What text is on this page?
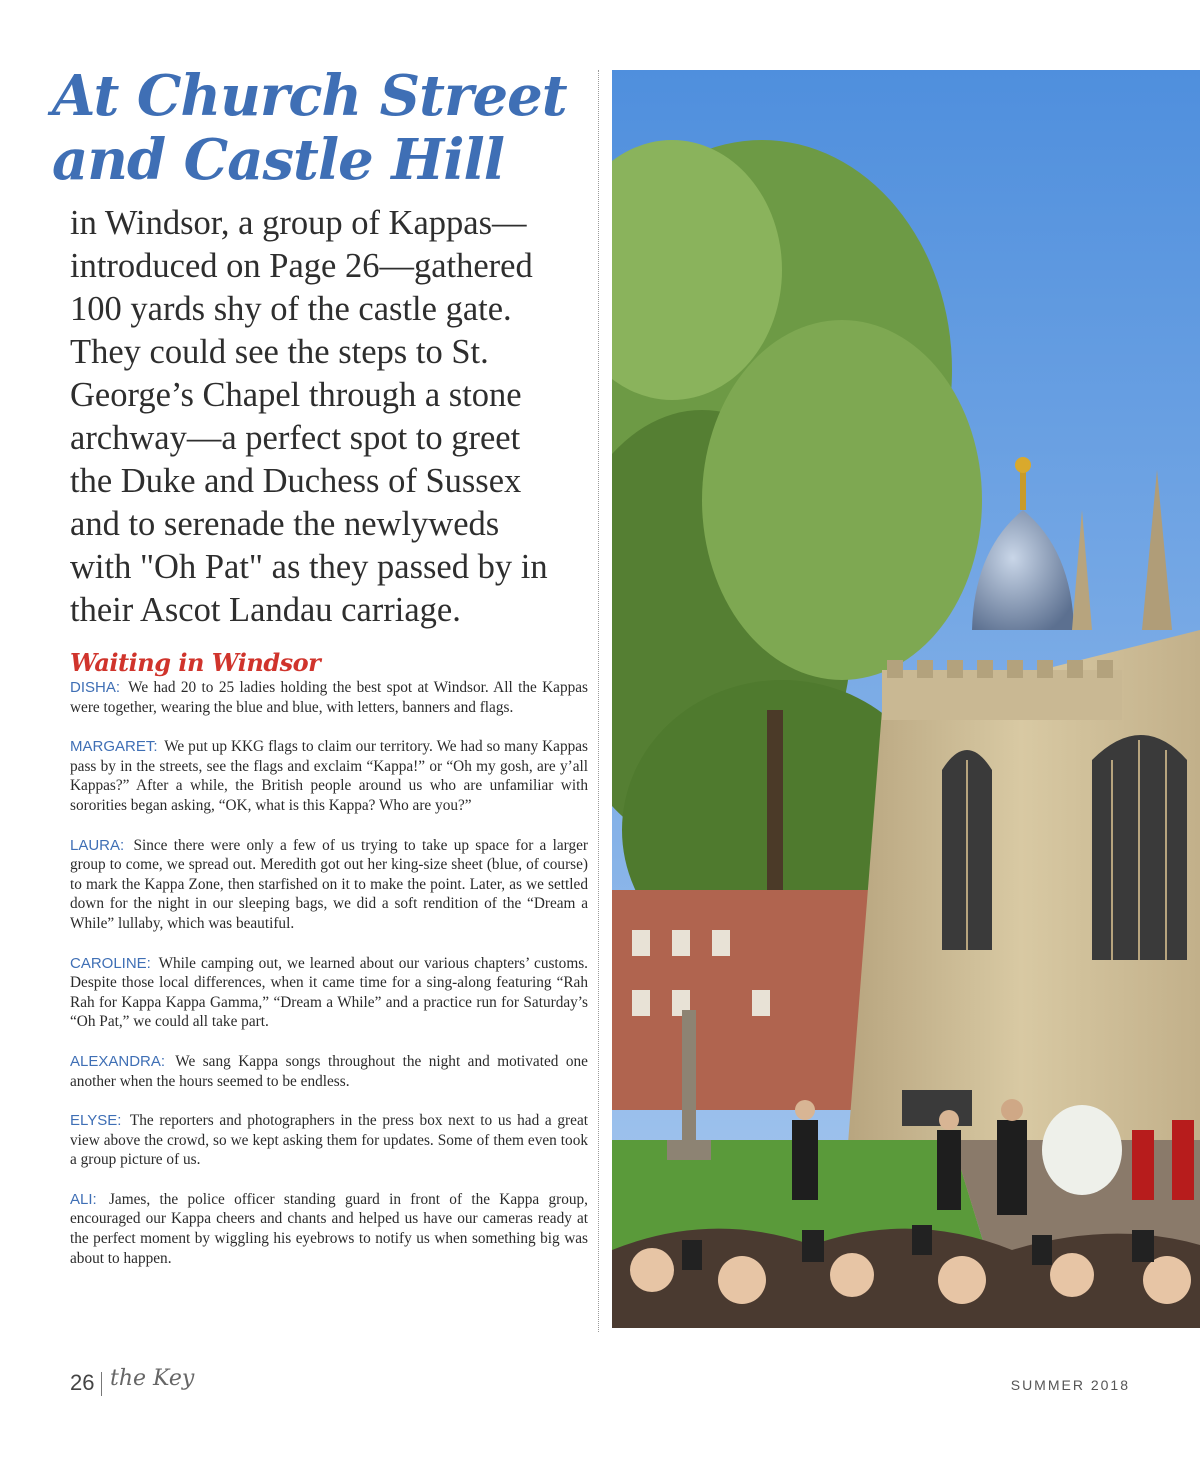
At Church Street
and Castle Hill

in Windsor, a group of Kappas—
introduced on Page 26—gathered
100 yards shy of the castle gate.
They could see the steps to St.
George’s Chapel through a stone
archway—a perfect spot to greet
the Duke and Duchess of Sussex
and to serenade the newlyweds
with "Oh Pat" as they passed by in
their Ascot Landau carriage.

Waiting in Windsor

DISHA: We had 20 to 25 ladies holding the best spot at Windsor. All the Kappas were together, wearing the blue and blue, with letters, banners and flags.

MARGARET: We put up KKG flags to claim our territory. We had so many Kappas pass by in the streets, see the flags and exclaim “Kappa!” or “Oh my gosh, are y’all Kappas?” After a while, the British people around us who are unfamiliar with sororities began asking, “OK, what is this Kappa? Who are you?”

LAURA: Since there were only a few of us trying to take up space for a larger group to come, we spread out. Meredith got out her king-size sheet (blue, of course) to mark the Kappa Zone, then starfished on it to make the point. Later, as we settled down for the night in our sleeping bags, we did a soft rendition of the “Dream a While” lullaby, which was beautiful.

CAROLINE: While camping out, we learned about our various chapters’ customs. Despite those local differences, when it came time for a sing-along featuring “Rah Rah for Kappa Kappa Gamma,” “Dream a While” and a practice run for Saturday’s “Oh Pat,” we could all take part.

ALEXANDRA: We sang Kappa songs throughout the night and motivated one another when the hours seemed to be endless.

ELYSE: The reporters and photographers in the press box next to us had a great view above the crowd, so we kept asking them for updates. Some of them even took a group picture of us.

ALI: James, the police officer standing guard in front of the Kappa group, encouraged our Kappa cheers and chants and helped us have our cameras ready at the perfect moment by wiggling his eyebrows to notify us when something big was about to happen.

26 the Key	SUMMER 2018
